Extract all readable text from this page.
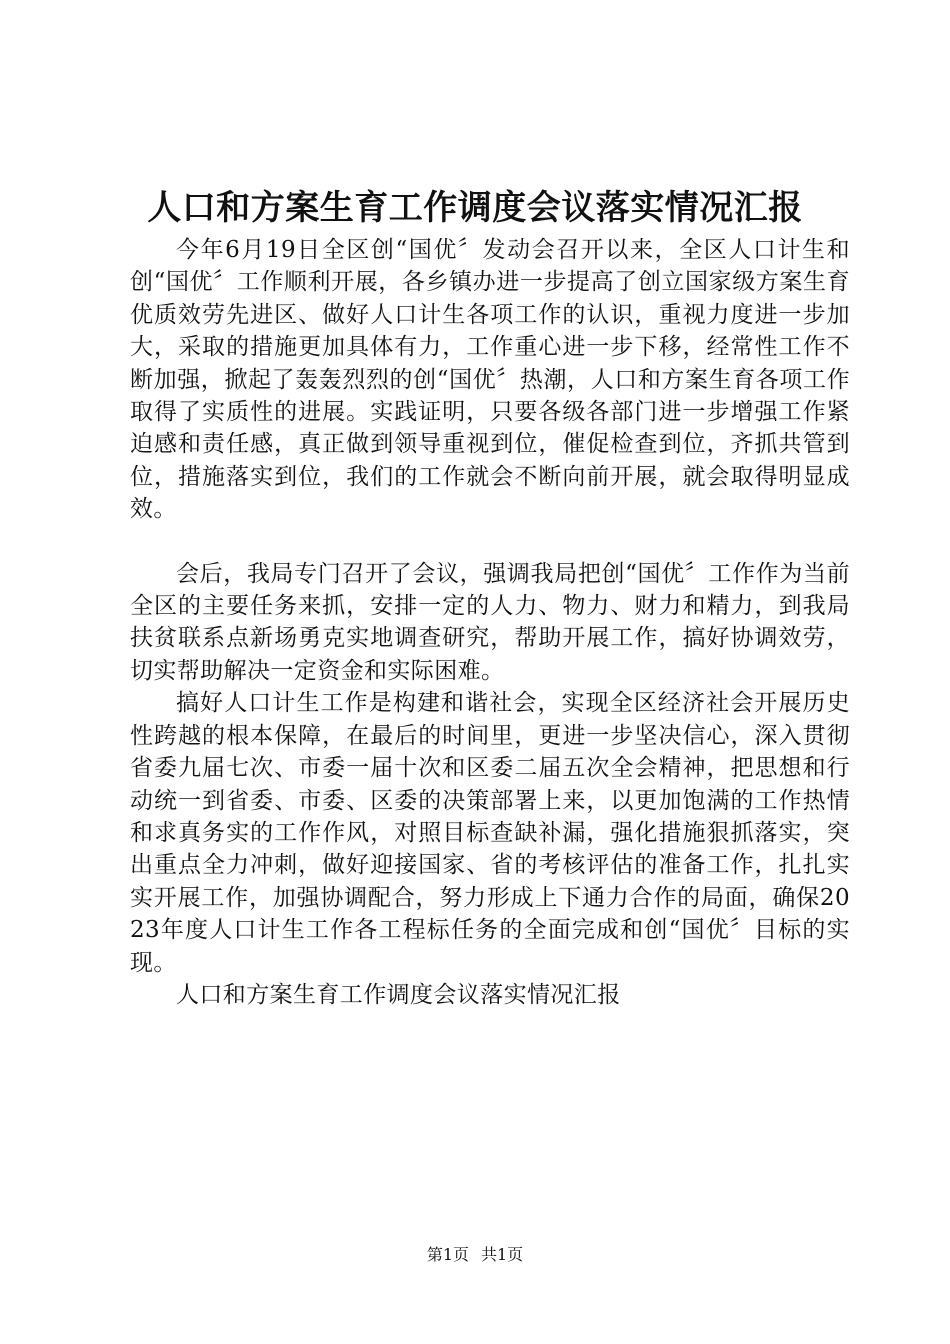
人口和方案生育工作调度会议落实情况汇报

今年6月19日全区创“国优〞发动会召开以来，全区人口计生和创“国优〞工作顺利开展，各乡镇办进一步提高了创立国家级方案生育优质效劳先进区、做好人口计生各项工作的认识，重视力度进一步加大，采取的措施更加具体有力，工作重心进一步下移，经常性工作不断加强，掀起了轰轰烈烈的创“国优〞热潮，人口和方案生育各项工作取得了实质性的进展。实践证明，只要各级各部门进一步增强工作紧迫感和责任感，真正做到领导重视到位，催促检查到位，齐抓共管到位，措施落实到位，我们的工作就会不断向前开展，就会取得明显成效。

会后，我局专门召开了会议，强调我局把创“国优〞工作作为当前全区的主要任务来抓，安排一定的人力、物力、财力和精力，到我局扶贫联系点新场勇克实地调查研究，帮助开展工作，搞好协调效劳，切实帮助解决一定资金和实际困难。

搞好人口计生工作是构建和谐社会，实现全区经济社会开展历史性跨越的根本保障，在最后的时间里，更进一步坚决信心，深入贯彻省委九届七次、市委一届十次和区委二届五次全会精神，把思想和行动统一到省委、市委、区委的决策部署上来，以更加饱满的工作热情和求真务实的工作作风，对照目标查缺补漏，强化措施狠抓落实，突出重点全力冲刺，做好迎接国家、省的考核评估的准备工作，扎扎实实开展工作，加强协调配合，努力形成上下通力合作的局面，确保2023年度人口计生工作各工程标任务的全面完成和创“国优〞目标的实现。

人口和方案生育工作调度会议落实情况汇报

第1页 共1页
